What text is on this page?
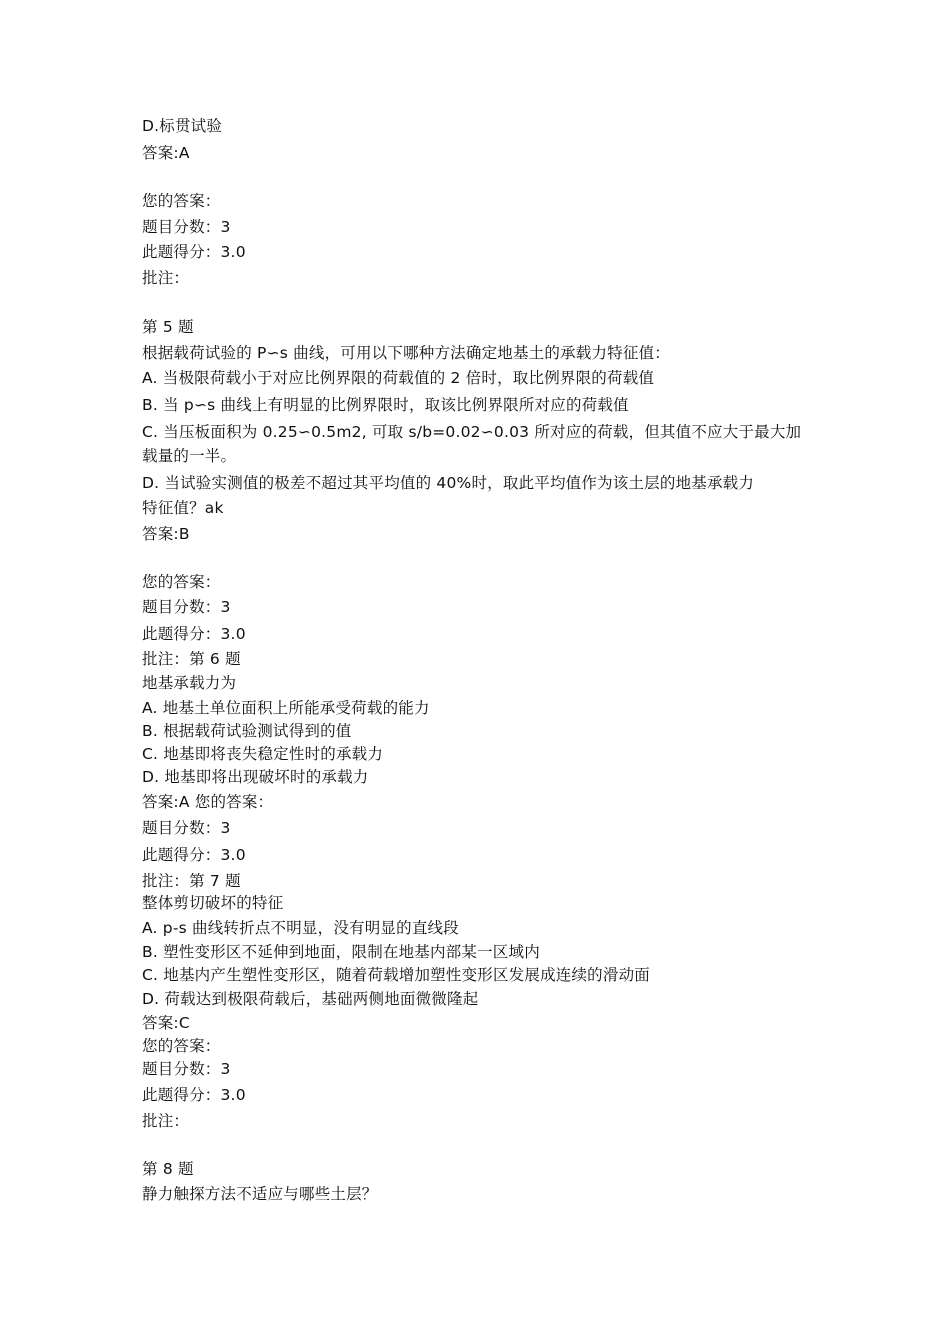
D.标贯试验
答案:A
您的答案：
题目分数：3
此题得分：3.0
批注：
第 5 题
根据载荷试验的 P∽s 曲线，可用以下哪种方法确定地基土的承载力特征值：
A. 当极限荷载小于对应比例界限的荷载值的 2 倍时，取比例界限的荷载值
B. 当 p∽s 曲线上有明显的比例界限时，取该比例界限所对应的荷载值
C. 当压板面积为 0.25∽0.5m2, 可取 s/b=0.02∽0.03 所对应的荷载，但其值不应大于最大加
载量的一半。
D. 当试验实测值的极差不超过其平均值的 40%时，取此平均值作为该土层的地基承载力
特征值？ak
答案:B
您的答案：
题目分数：3
此题得分：3.0
批注：第 6 题
地基承载力为
A. 地基土单位面积上所能承受荷载的能力
B. 根据载荷试验测试得到的值
C. 地基即将丧失稳定性时的承载力
D. 地基即将出现破坏时的承载力
答案:A 您的答案：
题目分数：3
此题得分：3.0
批注：第 7 题
整体剪切破坏的特征
A. p-s 曲线转折点不明显，没有明显的直线段
B. 塑性变形区不延伸到地面，限制在地基内部某一区域内
C. 地基内产生塑性变形区，随着荷载增加塑性变形区发展成连续的滑动面
D. 荷载达到极限荷载后，基础两侧地面微微隆起
答案:C
您的答案：
题目分数：3
此题得分：3.0
批注：
第 8 题
静力触探方法不适应与哪些土层？
